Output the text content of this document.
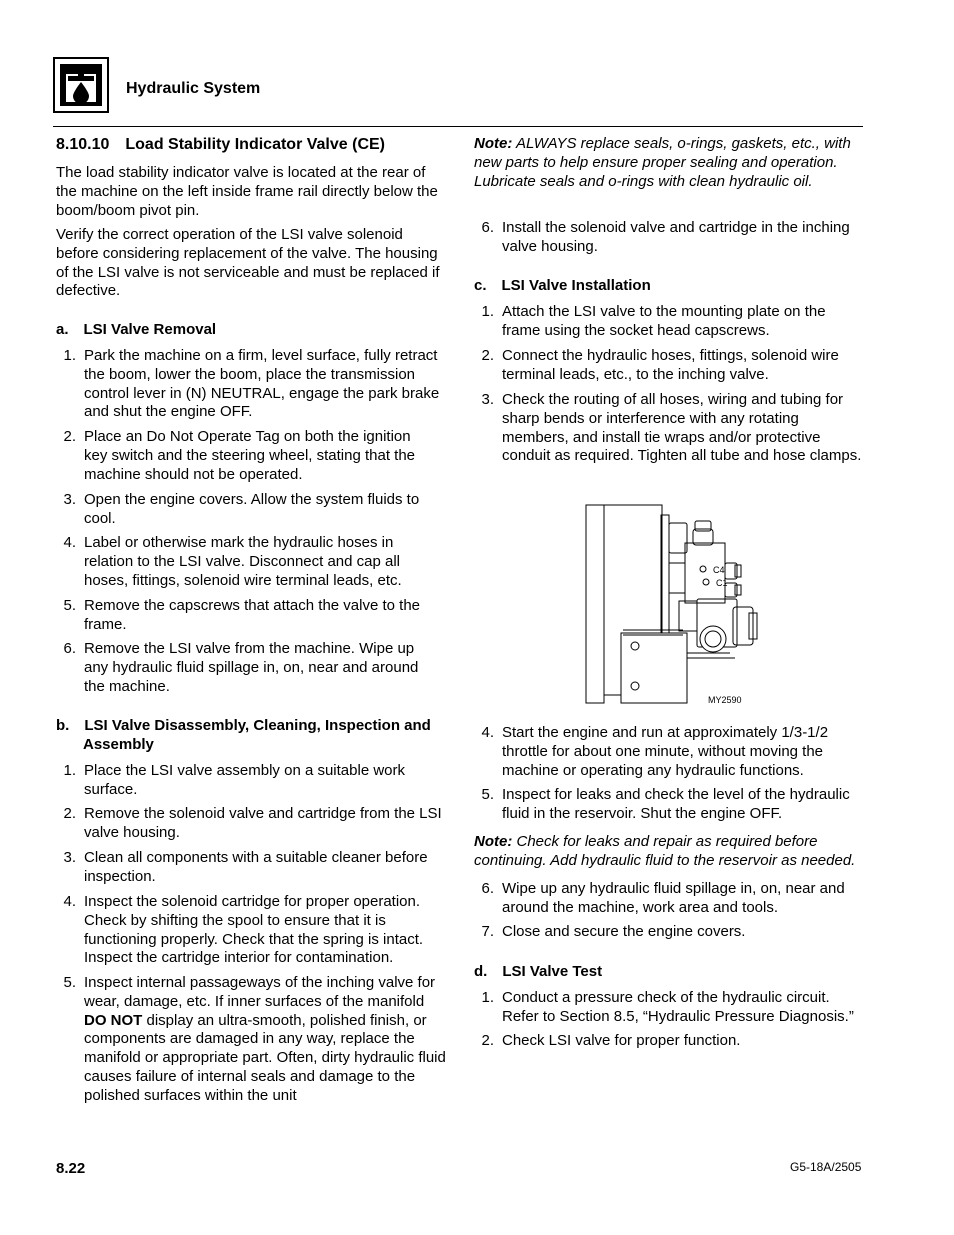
Hydraulic System
8.10.10 Load Stability Indicator Valve (CE)
The load stability indicator valve is located at the rear of the machine on the left inside frame rail directly below the boom/boom pivot pin.
Verify the correct operation of the LSI valve solenoid before considering replacement of the valve. The housing of the LSI valve is not serviceable and must be replaced if defective.
a. LSI Valve Removal
1. Park the machine on a firm, level surface, fully retract the boom, lower the boom, place the transmission control lever in (N) NEUTRAL, engage the park brake and shut the engine OFF.
2. Place an Do Not Operate Tag on both the ignition key switch and the steering wheel, stating that the machine should not be operated.
3. Open the engine covers. Allow the system fluids to cool.
4. Label or otherwise mark the hydraulic hoses in relation to the LSI valve. Disconnect and cap all hoses, fittings, solenoid wire terminal leads, etc.
5. Remove the capscrews that attach the valve to the frame.
6. Remove the LSI valve from the machine. Wipe up any hydraulic fluid spillage in, on, near and around the machine.
b. LSI Valve Disassembly, Cleaning, Inspection and
Assembly
1. Place the LSI valve assembly on a suitable work surface.
2. Remove the solenoid valve and cartridge from the LSI valve housing.
3. Clean all components with a suitable cleaner before inspection.
4. Inspect the solenoid cartridge for proper operation. Check by shifting the spool to ensure that it is functioning properly. Check that the spring is intact. Inspect the cartridge interior for contamination.
5. Inspect internal passageways of the inching valve for wear, damage, etc. If inner surfaces of the manifold DO NOT display an ultra-smooth, polished finish, or components are damaged in any way, replace the manifold or appropriate part. Often, dirty hydraulic fluid causes failure of internal seals and damage to the polished surfaces within the unit
Note: ALWAYS replace seals, o-rings, gaskets, etc., with new parts to help ensure proper sealing and operation. Lubricate seals and o-rings with clean hydraulic oil.
6. Install the solenoid valve and cartridge in the inching valve housing.
c. LSI Valve Installation
1. Attach the LSI valve to the mounting plate on the frame using the socket head capscrews.
2. Connect the hydraulic hoses, fittings, solenoid wire terminal leads, etc., to the inching valve.
3. Check the routing of all hoses, wiring and tubing for sharp bends or interference with any rotating members, and install tie wraps and/or protective conduit as required. Tighten all tube and hose clamps.
C4
C1
MY2590
4. Start the engine and run at approximately 1/3-1/2 throttle for about one minute, without moving the machine or operating any hydraulic functions.
5. Inspect for leaks and check the level of the hydraulic fluid in the reservoir. Shut the engine OFF.
Note: Check for leaks and repair as required before continuing. Add hydraulic fluid to the reservoir as needed.
6. Wipe up any hydraulic fluid spillage in, on, near and around the machine, work area and tools.
7. Close and secure the engine covers.
d. LSI Valve Test
1. Conduct a pressure check of the hydraulic circuit. Refer to Section 8.5, “Hydraulic Pressure Diagnosis.”
2. Check LSI valve for proper function.
8.22	G5-18A/2505
